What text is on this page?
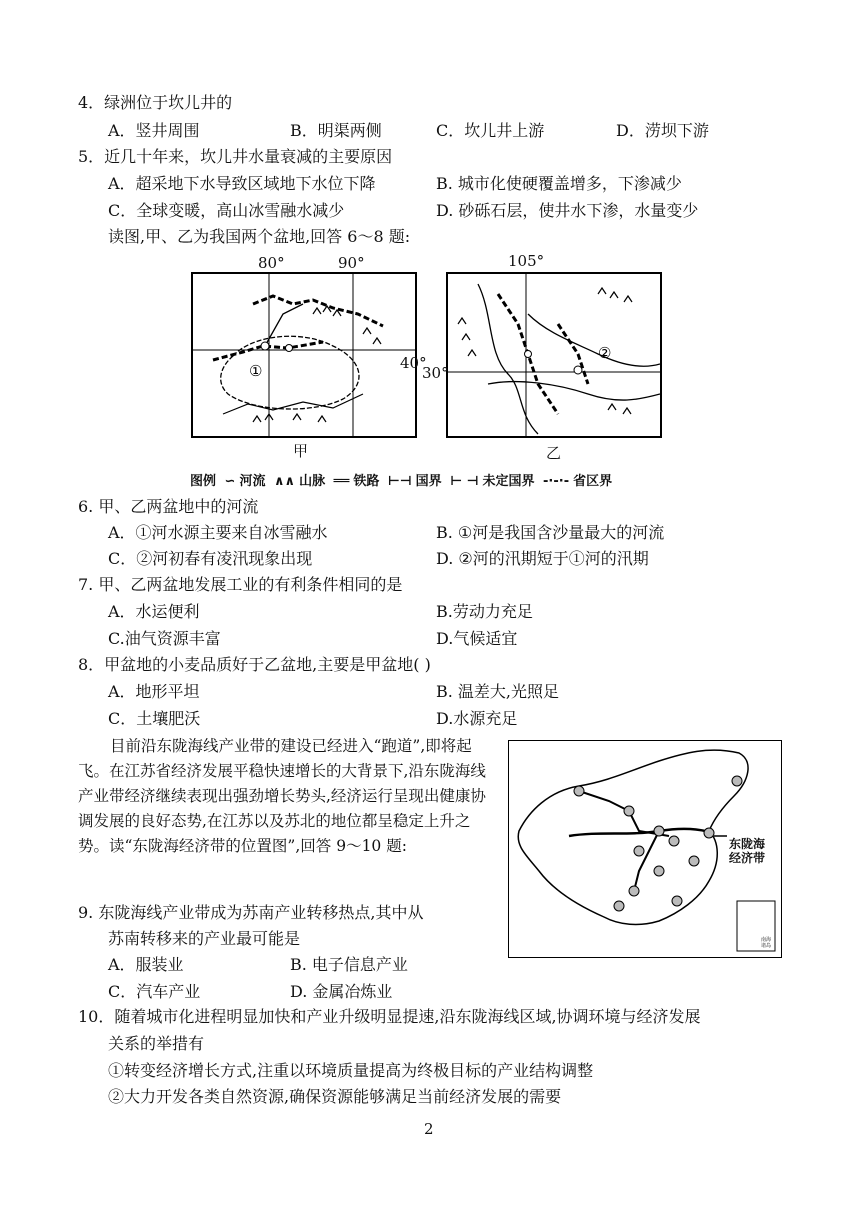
4．绿洲位于坎儿井的
A．竖井周围	B．明渠两侧	C．坎儿井上游	D．涝坝下游
5．近几十年来，坎儿井水量衰减的主要原因
A．超采地下水导致区域地下水位下降	B. 城市化使硬覆盖增多，下渗减少
C．全球变暖，高山冰雪融水减少	D. 砂砾石层，使井水下渗，水量变少
读图,甲、乙为我国两个盆地,回答 6～8 题:
80°	90°
①	40°
甲
105°
②
30°
乙
图例 ∽ 河流 ∧∧ 山脉 ══ 铁路 ⊢⊣ 国界 ⊢ ⊣ 未定国界 -·-·- 省区界
6. 甲、乙两盆地中的河流
A．①河水源主要来自冰雪融水	B. ①河是我国含沙量最大的河流
C．②河初春有凌汛现象出现	D. ②河的汛期短于①河的汛期
7. 甲、乙两盆地发展工业的有利条件相同的是
A．水运便利	B.劳动力充足
C.油气资源丰富	D.气候适宜
8．甲盆地的小麦品质好于乙盆地,主要是甲盆地( )
A．地形平坦	B. 温差大,光照足
C．土壤肥沃	D.水源充足
目前沿东陇海线产业带的建设已经进入“跑道”,即将起飞。在江苏省经济发展平稳快速增长的大背景下,沿东陇海线产业带经济继续表现出强劲增长势头,经济运行呈现出健康协调发展的良好态势,在江苏以及苏北的地位都呈稳定上升之势。读“东陇海经济带的位置图”,回答 9～10 题:	东陇海
经济带
南海
诸岛
9. 东陇海线产业带成为苏南产业转移热点,其中从
苏南转移来的产业最可能是
A．服装业	B. 电子信息产业
C．汽车产业	D. 金属冶炼业
10．随着城市化进程明显加快和产业升级明显提速,沿东陇海线区域,协调环境与经济发展
关系的举措有
①转变经济增长方式,注重以环境质量提高为终极目标的产业结构调整
②大力开发各类自然资源,确保资源能够满足当前经济发展的需要
2
